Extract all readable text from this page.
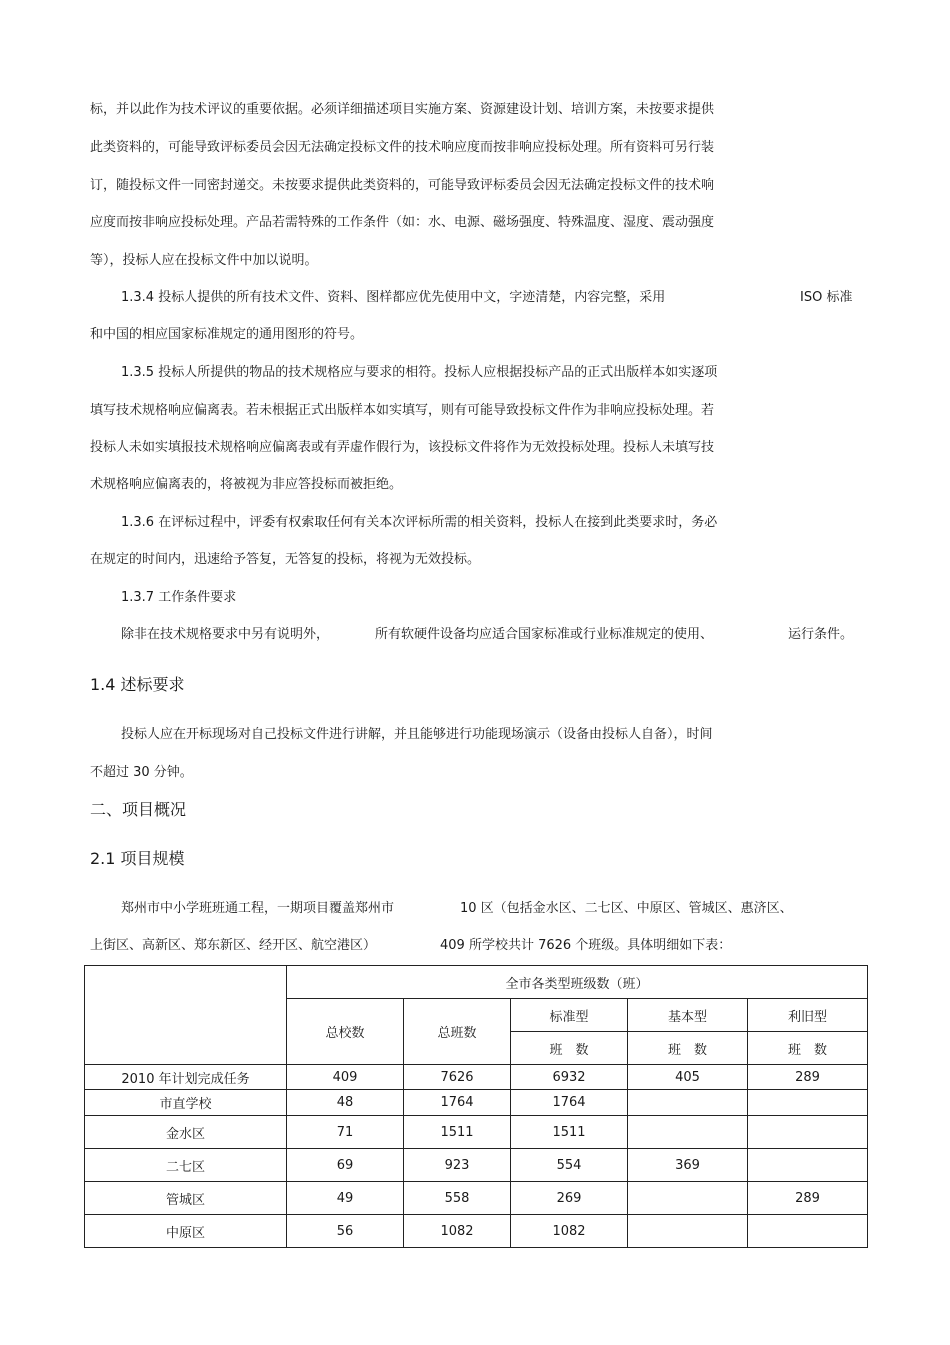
标，并以此作为技术评议的重要依据。必须详细描述项目实施方案、资源建设计划、培训方案，未按要求提供
此类资料的，可能导致评标委员会因无法确定投标文件的技术响应度而按非响应投标处理。所有资料可另行装
订，随投标文件一同密封递交。未按要求提供此类资料的，可能导致评标委员会因无法确定投标文件的技术响
应度而按非响应投标处理。产品若需特殊的工作条件（如：水、电源、磁场强度、特殊温度、湿度、震动强度
等），投标人应在投标文件中加以说明。
1.3.4 投标人提供的所有技术文件、资料、图样都应优先使用中文，字迹清楚，内容完整，采用	ISO 标准
和中国的相应国家标准规定的通用图形的符号。
1.3.5 投标人所提供的物品的技术规格应与要求的相符。投标人应根据投标产品的正式出版样本如实逐项
填写技术规格响应偏离表。若未根据正式出版样本如实填写，则有可能导致投标文件作为非响应投标处理。若
投标人未如实填报技术规格响应偏离表或有弄虚作假行为，该投标文件将作为无效投标处理。投标人未填写技
术规格响应偏离表的，将被视为非应答投标而被拒绝。
1.3.6 在评标过程中，评委有权索取任何有关本次评标所需的相关资料，投标人在接到此类要求时，务必
在规定的时间内，迅速给予答复，无答复的投标，将视为无效投标。
1.3.7 工作条件要求
除非在技术规格要求中另有说明外，	所有软硬件设备均应适合国家标准或行业标准规定的使用、	运行条件。
1.4 述标要求
投标人应在开标现场对自己投标文件进行讲解，并且能够进行功能现场演示（设备由投标人自备），时间
不超过 30 分钟。
二、项目概况
2.1 项目规模
郑州市中小学班班通工程，一期项目覆盖郑州市	10 区（包括金水区、二七区、中原区、管城区、惠济区、
上街区、高新区、郑东新区、经开区、航空港区）	409 所学校共计 7626 个班级。具体明细如下表：
	全市各类型班级数（班）				
	总校数	总班数	标准型	基本型	利旧型
			班　数	班　数	班　数
2010 年计划完成任务	409	7626	6932	405	289
市直学校	48	1764	1764		
金水区	71	1511	1511		
二七区	69	923	554	369	
管城区	49	558	269		289
中原区	56	1082	1082		
